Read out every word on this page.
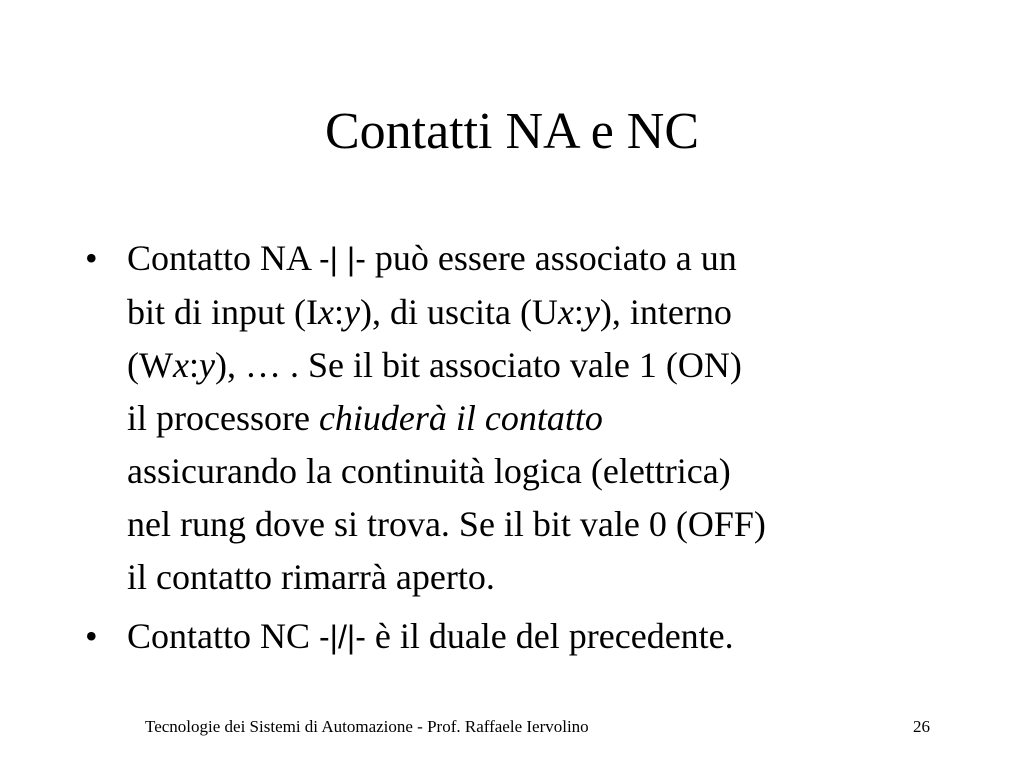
Contatti NA e NC
• Contatto NA -| |- può essere associato a un
bit di input (Ix:y), di uscita (Ux:y), interno
(Wx:y), … . Se il bit associato vale 1 (ON)
il processore chiuderà il contatto
assicurando la continuità logica (elettrica)
nel rung dove si trova. Se il bit vale 0 (OFF)
il contatto rimarrà aperto.
• Contatto NC -|/|- è il duale del precedente.
Tecnologie dei Sistemi di Automazione - Prof. Raffaele Iervolino	26
